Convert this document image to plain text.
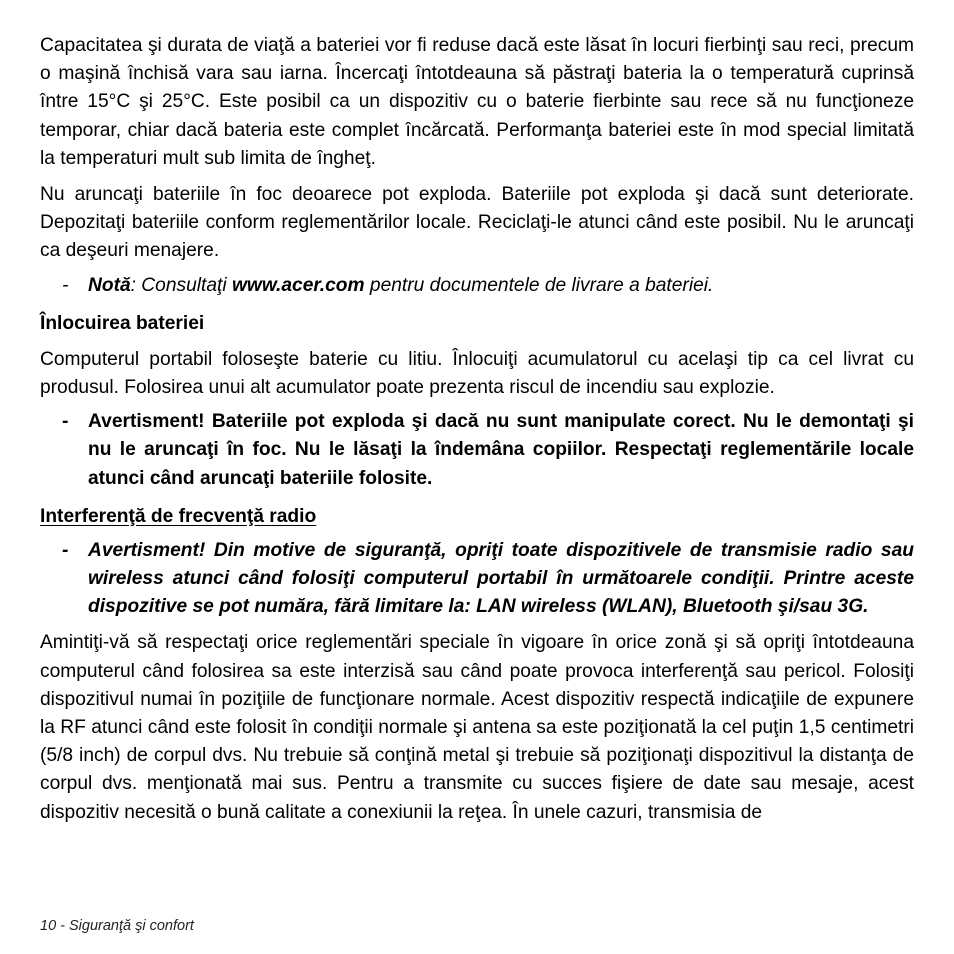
Capacitatea şi durata de viaţă a bateriei vor fi reduse dacă este lăsat în locuri fierbinţi sau reci, precum o maşină închisă vara sau iarna. Încercaţi întotdeauna să păstraţi bateria la o temperatură cuprinsă între 15°C şi 25°C. Este posibil ca un dispozitiv cu o baterie fierbinte sau rece să nu funcţioneze temporar, chiar dacă bateria este complet încărcată. Performanţa bateriei este în mod special limitată la temperaturi mult sub limita de îngheţ.

Nu aruncaţi bateriile în foc deoarece pot exploda. Bateriile pot exploda şi dacă sunt deteriorate. Depozitaţi bateriile conform reglementărilor locale. Reciclaţi-le atunci când este posibil. Nu le aruncaţi ca deşeuri menajere.

- Notă: Consultaţi www.acer.com pentru documentele de livrare a bateriei.
Înlocuirea bateriei

Computerul portabil foloseşte baterie cu litiu. Înlocuiţi acumulatorul cu acelaşi tip ca cel livrat cu produsul. Folosirea unui alt acumulator poate prezenta riscul de incendiu sau explozie.

- Avertisment! Bateriile pot exploda şi dacă nu sunt manipulate corect. Nu le demontaţi şi nu le aruncaţi în foc. Nu le lăsaţi la îndemâna copiilor. Respectaţi reglementările locale atunci când aruncaţi bateriile folosite.
Interferenţă de frecvenţă radio
- Avertisment! Din motive de siguranţă, opriţi toate dispozitivele de transmisie radio sau wireless atunci când folosiţi computerul portabil în următoarele condiţii. Printre aceste dispozitive se pot număra, fără limitare la: LAN wireless (WLAN), Bluetooth şi/sau 3G.

Amintiţi-vă să respectaţi orice reglementări speciale în vigoare în orice zonă şi să opriţi întotdeauna computerul când folosirea sa este interzisă sau când poate provoca interferenţă sau pericol. Folosiţi dispozitivul numai în poziţiile de funcţionare normale. Acest dispozitiv respectă indicaţiile de expunere la RF atunci când este folosit în condiţii normale şi antena sa este poziţionată la cel puţin 1,5 centimetri (5/8 inch) de corpul dvs. Nu trebuie să conţină metal şi trebuie să poziţionaţi dispozitivul la distanţa de corpul dvs. menţionată mai sus. Pentru a transmite cu succes fişiere de date sau mesaje, acest dispozitiv necesită o bună calitate a conexiunii la reţea. În unele cazuri, transmisia de

10 - Siguranţă şi confort
